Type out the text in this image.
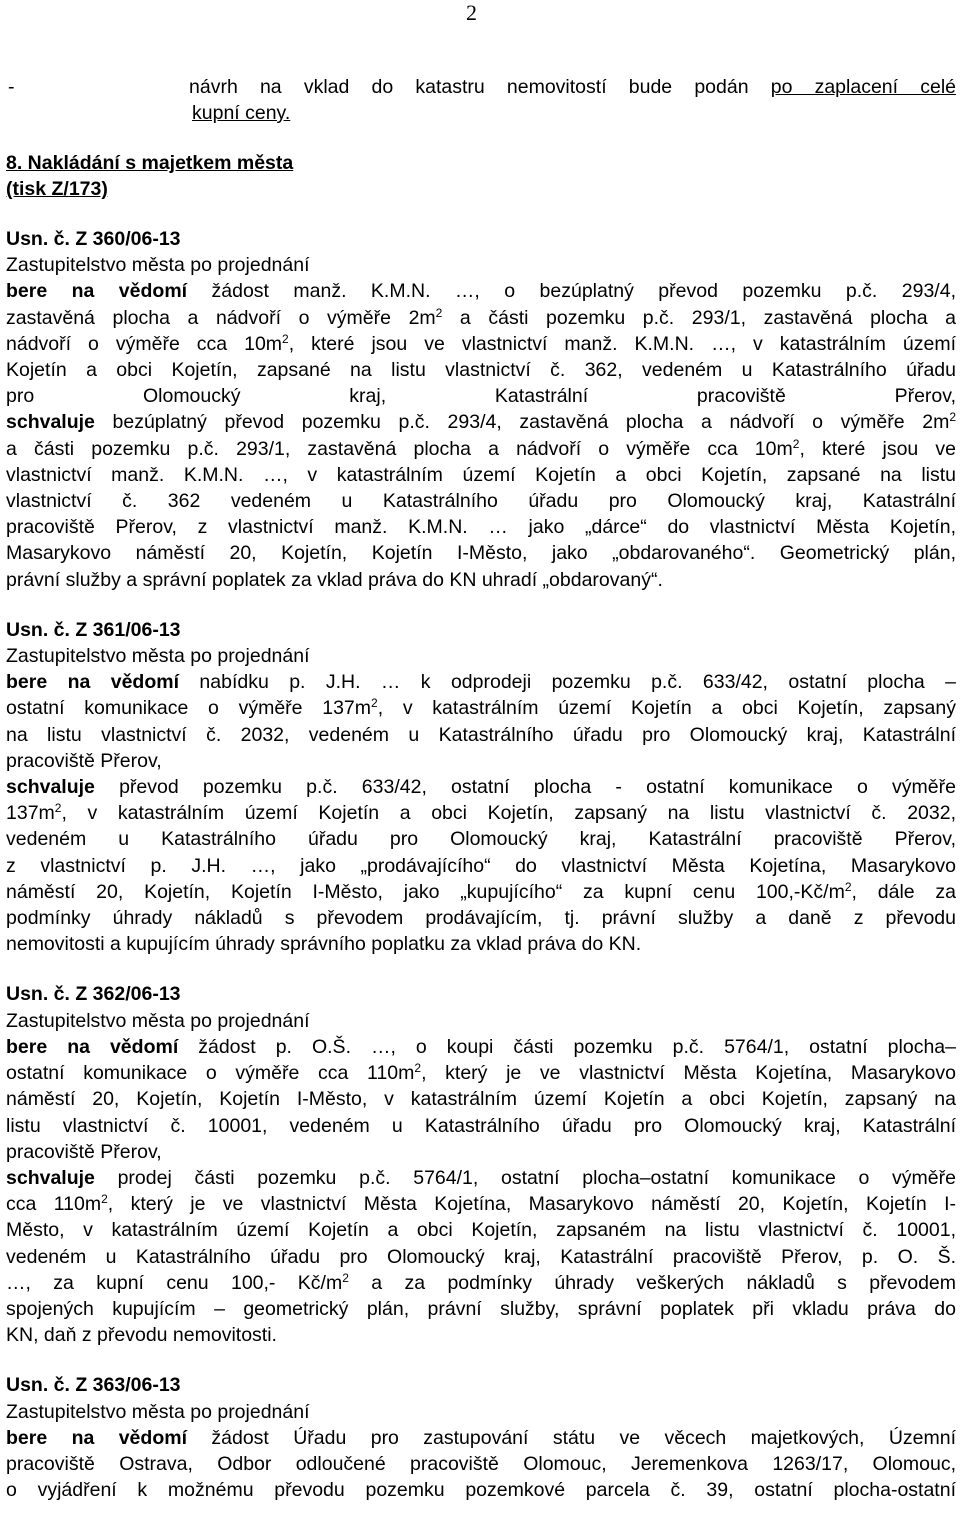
2
-	návrh na vklad do katastru nemovitostí bude podán po zaplacení celé
kupní ceny.
8. Nakládání s majetkem města
(tisk Z/173)
Usn. č. Z 360/06-13
Zastupitelstvo města po projednání
bere na vědomí žádost manž. K.M.N. …, o bezúplatný převod pozemku p.č. 293/4,
zastavěná plocha a nádvoří o výměře $2m^2$ a části pozemku p.č. 293/1, zastavěná plocha a
nádvoří o výměře cca $10m^2$, které jsou ve vlastnictví manž. K.M.N. …, v katastrálním území
Kojetín a obci Kojetín, zapsané na listu vlastnictví č. 362, vedeném u Katastrálního úřadu
pro Olomoucký kraj, Katastrální pracoviště Přerov,
schvaluje bezúplatný převod pozemku p.č. 293/4, zastavěná plocha a nádvoří o výměře $2m^2$
a části pozemku p.č. 293/1, zastavěná plocha a nádvoří o výměře cca $10m^2$, které jsou ve
vlastnictví manž. K.M.N. …, v katastrálním území Kojetín a obci Kojetín, zapsané na listu
vlastnictví č. 362 vedeném u Katastrálního úřadu pro Olomoucký kraj, Katastrální
pracoviště Přerov, z vlastnictví manž. K.M.N. … jako „dárce“ do vlastnictví Města Kojetín,
Masarykovo náměstí 20, Kojetín, Kojetín I-Město, jako „obdarovaného“. Geometrický plán,
právní služby a správní poplatek za vklad práva do KN uhradí „obdarovaný“.
Usn. č. Z 361/06-13
Zastupitelstvo města po projednání
bere na vědomí nabídku p. J.H. … k odprodeji pozemku p.č. 633/42, ostatní plocha –
ostatní komunikace o výměře $137m^2$, v katastrálním území Kojetín a obci Kojetín, zapsaný
na listu vlastnictví č. 2032, vedeném u Katastrálního úřadu pro Olomoucký kraj, Katastrální
pracoviště Přerov,
schvaluje převod pozemku p.č. 633/42, ostatní plocha - ostatní komunikace o výměře
$137m^2$, v katastrálním území Kojetín a obci Kojetín, zapsaný na listu vlastnictví č. 2032,
vedeném u Katastrálního úřadu pro Olomoucký kraj, Katastrální pracoviště Přerov,
z vlastnictví p. J.H. …, jako „prodávajícího“ do vlastnictví Města Kojetína, Masarykovo
náměstí 20, Kojetín, Kojetín I-Město, jako „kupujícího“ za kupní cenu $100,-Kč/m^2$, dále za
podmínky úhrady nákladů s převodem prodávajícím, tj. právní služby a daně z převodu
nemovitosti a kupujícím úhrady správního poplatku za vklad práva do KN.
Usn. č. Z 362/06-13
Zastupitelstvo města po projednání
bere na vědomí žádost p. O.Š. …, o koupi části pozemku p.č. 5764/1, ostatní plocha–
ostatní komunikace o výměře cca $110m^2$, který je ve vlastnictví Města Kojetína, Masarykovo
náměstí 20, Kojetín, Kojetín I-Město, v katastrálním území Kojetín a obci Kojetín, zapsaný na
listu vlastnictví č. 10001, vedeném u Katastrálního úřadu pro Olomoucký kraj, Katastrální
pracoviště Přerov,
schvaluje prodej části pozemku p.č. 5764/1, ostatní plocha–ostatní komunikace o výměře
cca $110m^2$, který je ve vlastnictví Města Kojetína, Masarykovo náměstí 20, Kojetín, Kojetín I-
Město, v katastrálním území Kojetín a obci Kojetín, zapsaném na listu vlastnictví č. 10001,
vedeném u Katastrálního úřadu pro Olomoucký kraj, Katastrální pracoviště Přerov, p. O. Š.
…, za kupní cenu 100,- $Kč/m^2$ a za podmínky úhrady veškerých nákladů s převodem
spojených kupujícím – geometrický plán, právní služby, správní poplatek při vkladu práva do
KN, daň z převodu nemovitosti.
Usn. č. Z 363/06-13
Zastupitelstvo města po projednání
bere na vědomí žádost Úřadu pro zastupování státu ve věcech majetkových, Územní
pracoviště Ostrava, Odbor odloučené pracoviště Olomouc, Jeremenkova 1263/17, Olomouc,
o vyjádření k možnému převodu pozemku pozemkové parcela č. 39, ostatní plocha-ostatní
